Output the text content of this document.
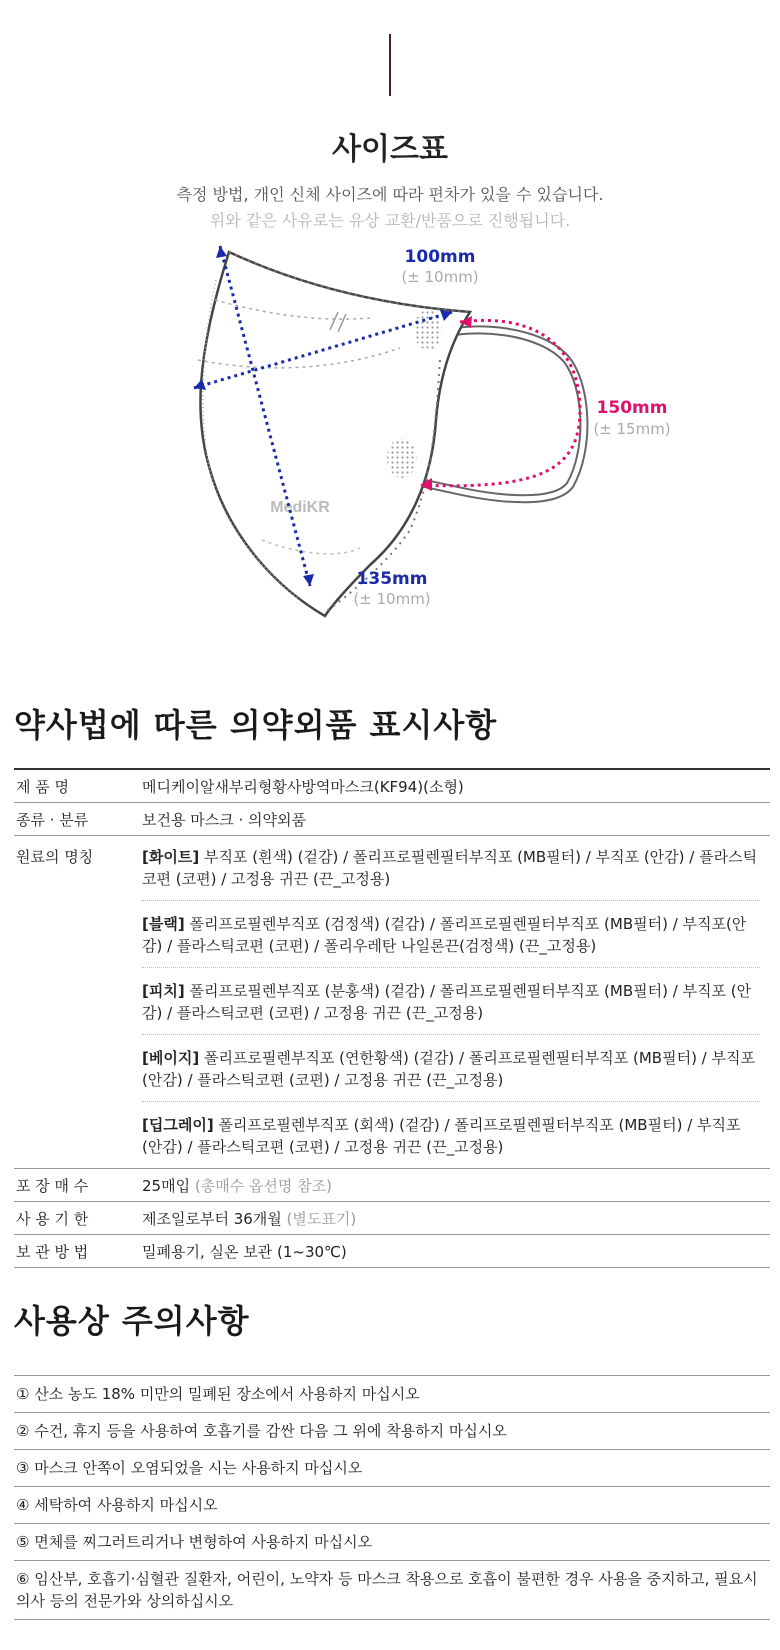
사이즈표
측정 방법, 개인 신체 사이즈에 따라 편차가 있을 수 있습니다.
위와 같은 사유로는 유상 교환/반품으로 진행됩니다.
MediKR
100mm
(± 10mm)
150mm
(± 15mm)
135mm
(± 10mm)
약사법에 따른 의약외품 표시사항
제 품 명	메디케이알새부리형황사방역마스크(KF94)(소형)
종류 · 분류	보건용 마스크 · 의약외품
원료의 명칭	[화이트] 부직포 (흰색) (겉감) / 폴리프로필렌필터부직포 (MB필터) / 부직포 (안감) / 플라스틱코편 (코편) / 고정용 귀끈 (끈_고정용)
[블랙] 폴리프로필렌부직포 (검정색) (겉감) / 폴리프로필렌필터부직포 (MB필터) / 부직포(안감) / 플라스틱코편 (코편) / 폴리우레탄 나일론끈(검정색) (끈_고정용)
[피치] 폴리프로필렌부직포 (분홍색) (겉감) / 폴리프로필렌필터부직포 (MB필터) / 부직포 (안감) / 플라스틱코편 (코편) / 고정용 귀끈 (끈_고정용)
[베이지] 폴리프로필렌부직포 (연한황색) (겉감) / 폴리프로필렌필터부직포 (MB필터) / 부직포 (안감) / 플라스틱코편 (코편) / 고정용 귀끈 (끈_고정용)
[딥그레이] 폴리프로필렌부직포 (회색) (겉감) / 폴리프로필렌필터부직포 (MB필터) / 부직포 (안감) / 플라스틱코편 (코편) / 고정용 귀끈 (끈_고정용)
포 장 매 수	25매입 (총매수 옵션명 참조)
사 용 기 한	제조일로부터 36개월 (별도표기)
보 관 방 법	밀폐용기, 실온 보관 (1~30℃)
사용상 주의사항
① 산소 농도 18% 미만의 밀폐된 장소에서 사용하지 마십시오
② 수건, 휴지 등을 사용하여 호흡기를 감싼 다음 그 위에 착용하지 마십시오
③ 마스크 안쪽이 오염되었을 시는 사용하지 마십시오
④ 세탁하여 사용하지 마십시오
⑤ 면체를 찌그러트리거나 변형하여 사용하지 마십시오
⑥ 임산부, 호흡기·심혈관 질환자, 어린이, 노약자 등 마스크 착용으로 호흡이 불편한 경우 사용을 중지하고, 필요시 의사 등의 전문가와 상의하십시오
